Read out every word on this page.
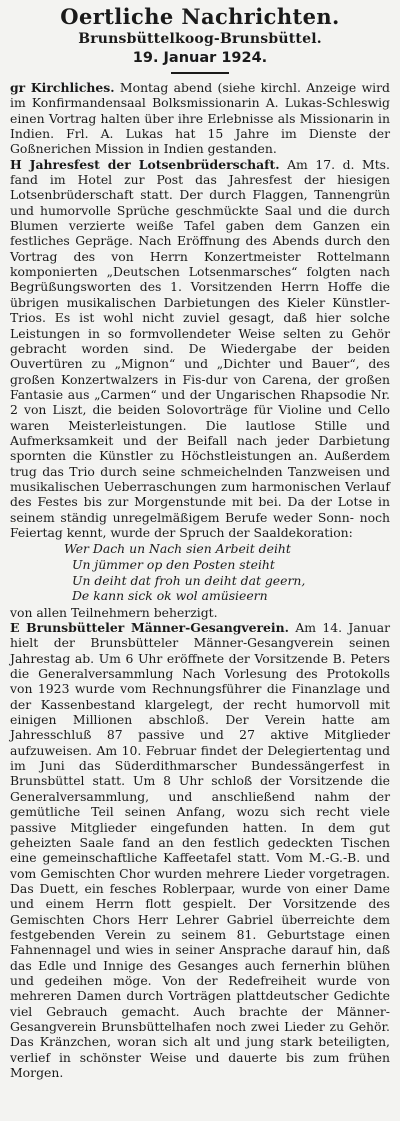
Oertliche Nachrichten.
Brunsbüttelkoog-Brunsbüttel.
19. Januar 1924.

gr Kirchliches. Montag abend (siehe kirchl. Anzeige wird im Konfirmandensaal Bolksmissionarin A. Lukas-Schleswig einen Vortrag halten über ihre Erlebnisse als Missionarin in Indien. Frl. A. Lukas hat 15 Jahre im Dienste der Goßnerichen Mission in Indien gestanden.

H Jahresfest der Lotsenbrüderschaft. Am 17. d. Mts. fand im Hotel zur Post das Jahresfest der hiesigen Lotsenbrüderschaft statt. Der durch Flaggen, Tannengrün und humorvolle Sprüche geschmückte Saal und die durch Blumen verzierte weiße Tafel gaben dem Ganzen ein festliches Gepräge. Nach Eröffnung des Abends durch den Vortrag des von Herrn Konzertmeister Rottelmann komponierten „Deutschen Lotsenmarsches“ folgten nach Begrüßungsworten des 1. Vorsitzenden Herrn Hoffe die übrigen musikalischen Darbietungen des Kieler Künstler-Trios. Es ist wohl nicht zuviel gesagt, daß hier solche Leistungen in so formvollendeter Weise selten zu Gehör gebracht worden sind. De Wiedergabe der beiden Ouvertüren zu „Mignon“ und „Dichter und Bauer“, des großen Konzertwalzers in Fis-dur von Carena, der großen Fantasie aus „Carmen“ und der Ungarischen Rhapsodie Nr. 2 von Liszt, die beiden Solovorträge für Violine und Cello waren Meisterleistungen. Die lautlose Stille und Aufmerksamkeit und der Beifall nach jeder Darbietung spornten die Künstler zu Höchstleistungen an. Außerdem trug das Trio durch seine schmeichelnden Tanzweisen und musikalischen Ueberraschungen zum harmonischen Verlauf des Festes bis zur Morgenstunde mit bei. Da der Lotse in seinem ständig unregelmäßigem Berufe weder Sonn- noch Feiertag kennt, wurde der Spruch der Saaldekoration:

Wer Dach un Nach sien Arbeit deiht
Un jümmer op den Posten steiht
Un deiht dat froh un deiht dat geern,
De kann sick ok wol amüsieern

von allen Teilnehmern beherzigt.

E Brunsbütteler Männer-Gesangverein. Am 14. Januar hielt der Brunsbütteler Männer-Gesangverein seinen Jahrestag ab. Um 6 Uhr eröffnete der Vorsitzende B. Peters die Generalversammlung Nach Vorlesung des Protokolls von 1923 wurde vom Rechnungsführer die Finanzlage und der Kassenbestand klargelegt, der recht humorvoll mit einigen Millionen abschloß. Der Verein hatte am Jahresschluß 87 passive und 27 aktive Mitglieder aufzuweisen. Am 10. Februar findet der Delegiertentag und im Juni das Süderdithmarscher Bundessängerfest in Brunsbüttel statt. Um 8 Uhr schloß der Vorsitzende die Generalversammlung, und anschließend nahm der gemütliche Teil seinen Anfang, wozu sich recht viele passive Mitglieder eingefunden hatten. In dem gut geheizten Saale fand an den festlich gedeckten Tischen eine gemeinschaftliche Kaffeetafel statt. Vom M.-G.-B. und vom Gemischten Chor wurden mehrere Lieder vorgetragen. Das Duett, ein fesches Roblerpaar, wurde von einer Dame und einem Herrn flott gespielt. Der Vorsitzende des Gemischten Chors Herr Lehrer Gabriel überreichte dem festgebenden Verein zu seinem 81. Geburtstage einen Fahnennagel und wies in seiner Ansprache darauf hin, daß das Edle und Innige des Gesanges auch fernerhin blühen und gedeihen möge. Von der Redefreiheit wurde von mehreren Damen durch Vorträgen plattdeutscher Gedichte viel Gebrauch gemacht. Auch brachte der Männer-Gesangverein Brunsbüttelhafen noch zwei Lieder zu Gehör. Das Kränzchen, woran sich alt und jung stark beteiligten, verlief in schönster Weise und dauerte bis zum frühen Morgen.
